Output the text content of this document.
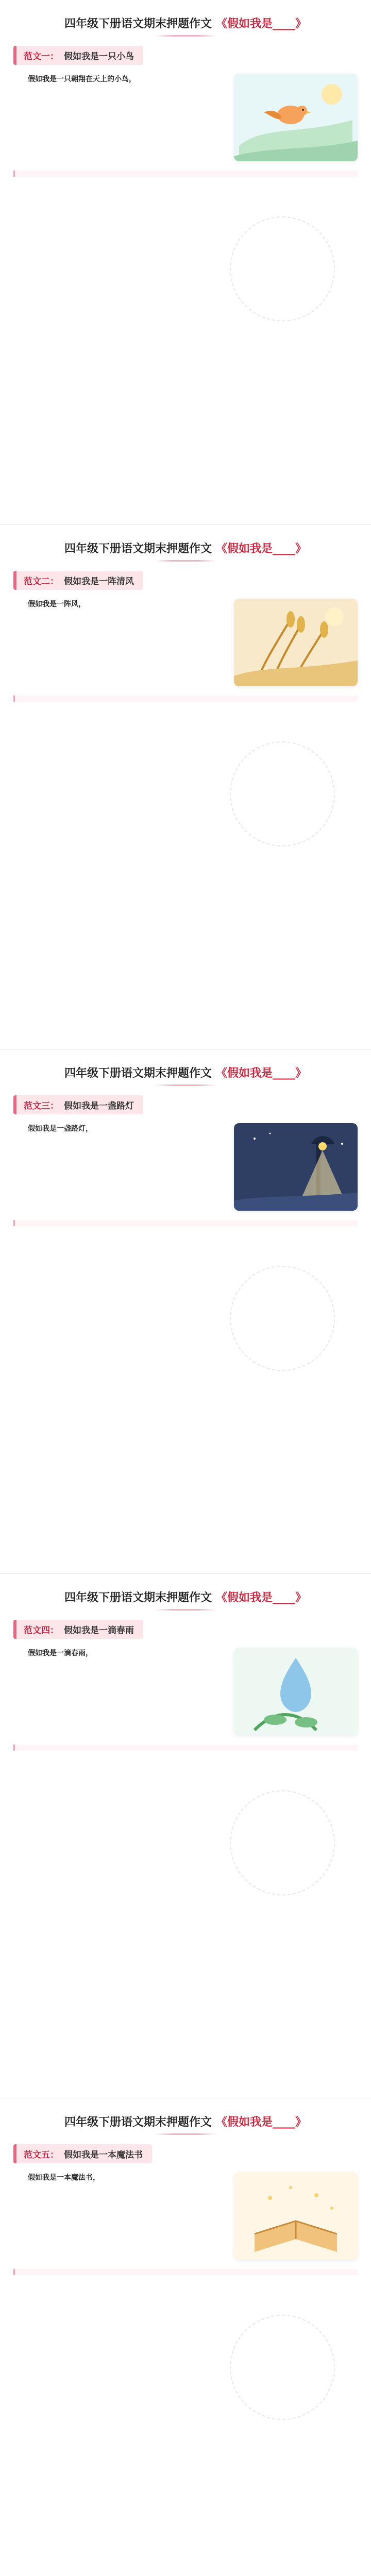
四年级下册语文期末押题作文 《假如我是____》
范文一： 假如我是一只小鸟

假如我是一只翱翔在天上的小鸟，

四年级下册语文期末押题作文 《假如我是____》
范文二： 假如我是一阵清风

假如我是一阵风，

四年级下册语文期末押题作文 《假如我是____》
范文三： 假如我是一盏路灯

假如我是一盏路灯，

四年级下册语文期末押题作文 《假如我是____》
范文四： 假如我是一滴春雨

假如我是一滴春雨，

四年级下册语文期末押题作文 《假如我是____》
范文五： 假如我是一本魔法书

假如我是一本魔法书，
